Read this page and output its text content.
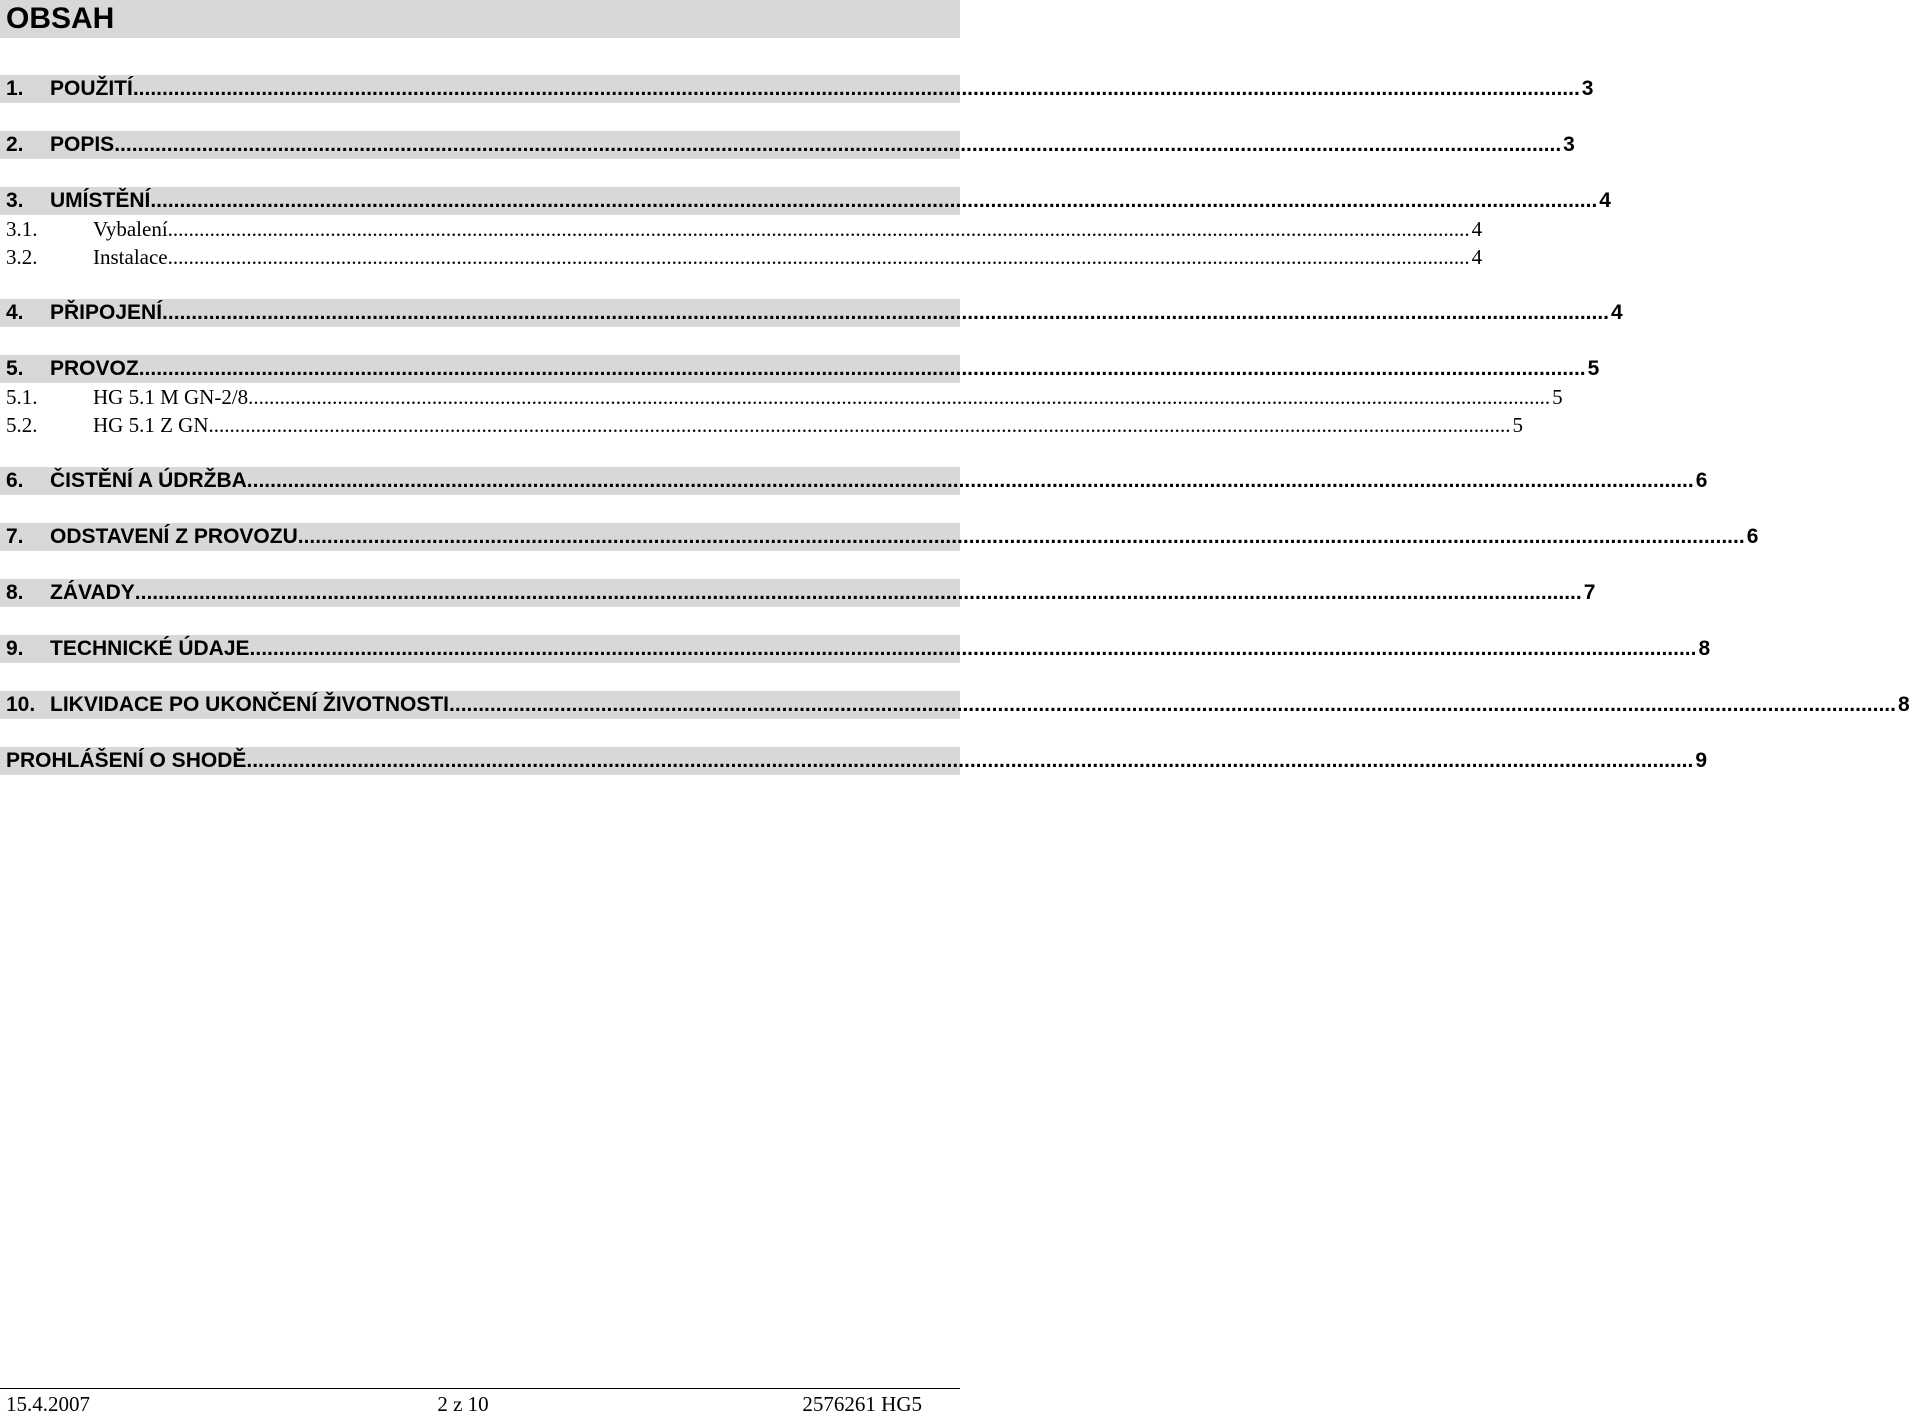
OBSAH
1.	POUŽITÍ ........................................................................................................................................................................................................................................................ 3
2.	POPIS ........................................................................................................................................................................................................................................................ 3
3.	UMÍSTĚNÍ ........................................................................................................................................................................................................................................................ 4
3.1.	Vybalení ........................................................................................................................................................................................................................................................ 4
3.2.	Instalace ........................................................................................................................................................................................................................................................ 4
4.	PŘIPOJENÍ ........................................................................................................................................................................................................................................................ 4
5.	PROVOZ ........................................................................................................................................................................................................................................................ 5
5.1.	HG 5.1 M GN-2/8 ........................................................................................................................................................................................................................................................ 5
5.2.	HG 5.1 Z GN ........................................................................................................................................................................................................................................................ 5
6.	ČISTĚNÍ A ÚDRŽBA ........................................................................................................................................................................................................................................................ 6
7.	ODSTAVENÍ Z PROVOZU ........................................................................................................................................................................................................................................................ 6
8.	ZÁVADY ........................................................................................................................................................................................................................................................ 7
9.	TECHNICKÉ ÚDAJE ........................................................................................................................................................................................................................................................ 8
10. LIKVIDACE PO UKONČENÍ ŽIVOTNOSTI ........................................................................................................................................................................................................................................................ 8
PROHLÁŠENÍ O SHODĚ ........................................................................................................................................................................................................................................................ 9
15.4.2007	2 z 10	2576261 HG5
